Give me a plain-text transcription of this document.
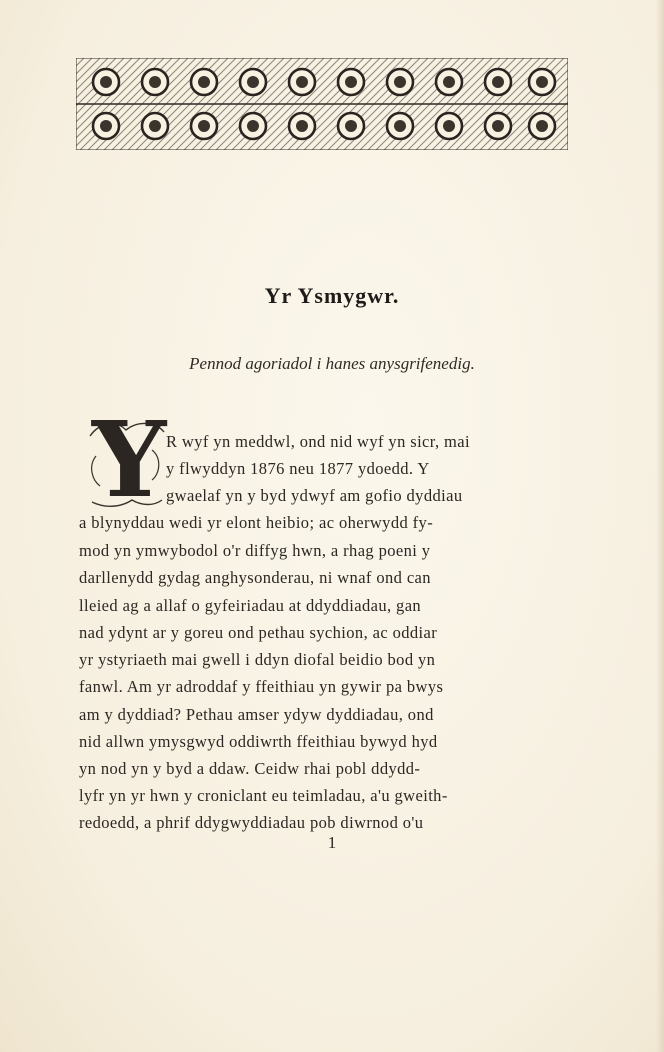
Yr Ysmygwr.
Pennod agoriadol i hanes anysgrifenedig.
Y R wyf yn meddwl, ond nid wyf yn sicr, mai
y flwyddyn 1876 neu 1877 ydoedd. Y
gwaelaf yn y byd ydwyf am gofio dyddiau
a blynyddau wedi yr elont heibio; ac oherwydd fy-
mod yn ymwybodol o'r diffyg hwn, a rhag poeni y
darllenydd gydag anghysonderau, ni wnaf ond can
lleied ag a allaf o gyfeiriadau at ddyddiadau, gan
nad ydynt ar y goreu ond pethau sychion, ac oddiar
yr ystyriaeth mai gwell i ddyn diofal beidio bod yn
fanwl. Am yr adroddaf y ffeithiau yn gywir pa bwys
am y dyddiad? Pethau amser ydyw dyddiadau, ond
nid allwn ymysgwyd oddiwrth ffeithiau bywyd hyd
yn nod yn y byd a ddaw. Ceidw rhai pobl ddydd-
lyfr yn yr hwn y croniclant eu teimladau, a'u gweith-
redoedd, a phrif ddygwyddiadau pob diwrnod o'u
1
